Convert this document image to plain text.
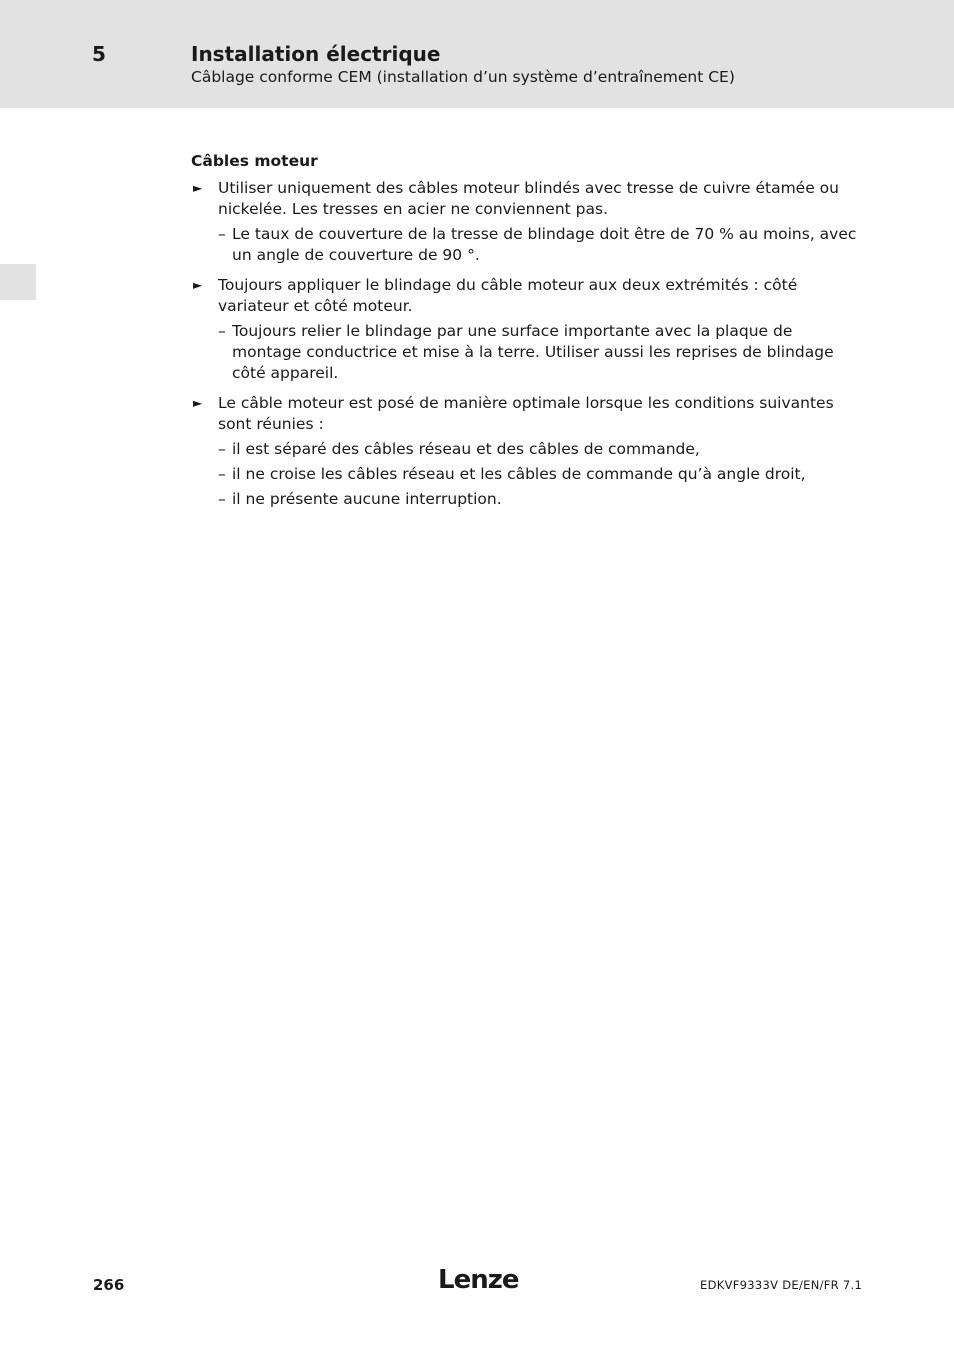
5	Installation électrique
Câblage conforme CEM (installation d’un système d’entraînement CE)
Câbles moteur
► Utiliser uniquement des câbles moteur blindés avec tresse de cuivre étamée ou nickelée. Les tresses en acier ne conviennent pas.
– Le taux de couverture de la tresse de blindage doit être de 70 % au moins, avec un angle de couverture de 90 °.
► Toujours appliquer le blindage du câble moteur aux deux extrémités : côté variateur et côté moteur.
– Toujours relier le blindage par une surface importante avec la plaque de montage conductrice et mise à la terre. Utiliser aussi les reprises de blindage côté appareil.
► Le câble moteur est posé de manière optimale lorsque les conditions suivantes sont réunies :
– il est séparé des câbles réseau et des câbles de commande,
– il ne croise les câbles réseau et les câbles de commande qu’à angle droit,
– il ne présente aucune interruption.
266	Lenze	EDKVF9333V DE/EN/FR 7.1
